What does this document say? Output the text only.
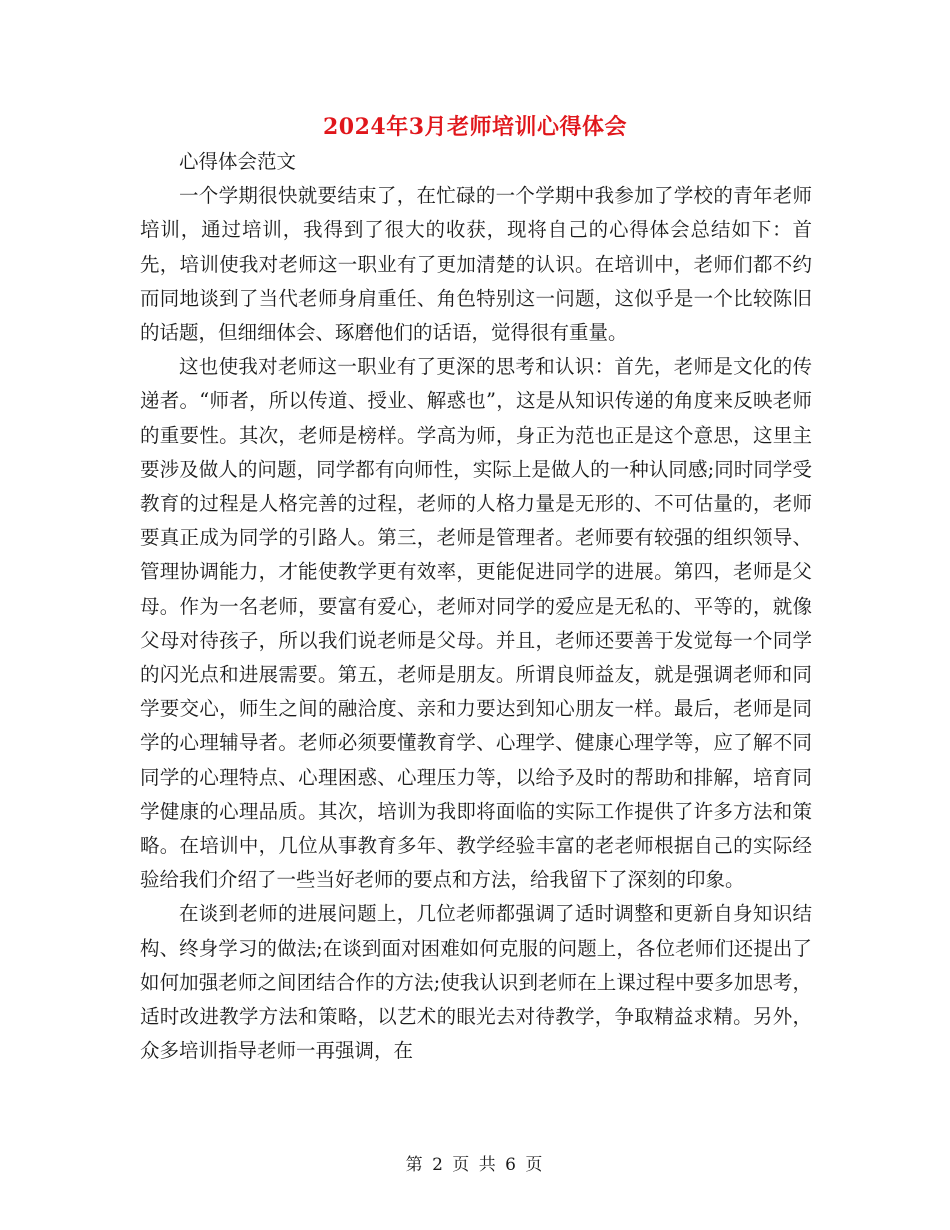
2024年3月老师培训心得体会

心得体会范文

一个学期很快就要结束了，在忙碌的一个学期中我参加了学校的青年老师培训，通过培训，我得到了很大的收获，现将自己的心得体会总结如下：首先，培训使我对老师这一职业有了更加清楚的认识。在培训中，老师们都不约而同地谈到了当代老师身肩重任、角色特别这一问题，这似乎是一个比较陈旧的话题，但细细体会、琢磨他们的话语，觉得很有重量。

这也使我对老师这一职业有了更深的思考和认识：首先，老师是文化的传递者。“师者，所以传道、授业、解惑也”，这是从知识传递的角度来反映老师的重要性。其次，老师是榜样。学高为师，身正为范也正是这个意思，这里主要涉及做人的问题，同学都有向师性，实际上是做人的一种认同感;同时同学受教育的过程是人格完善的过程，老师的人格力量是无形的、不可估量的，老师要真正成为同学的引路人。第三，老师是管理者。老师要有较强的组织领导、管理协调能力，才能使教学更有效率，更能促进同学的进展。第四，老师是父母。作为一名老师，要富有爱心，老师对同学的爱应是无私的、平等的，就像父母对待孩子，所以我们说老师是父母。并且，老师还要善于发觉每一个同学的闪光点和进展需要。第五，老师是朋友。所谓良师益友，就是强调老师和同学要交心，师生之间的融洽度、亲和力要达到知心朋友一样。最后，老师是同学的心理辅导者。老师必须要懂教育学、心理学、健康心理学等，应了解不同同学的心理特点、心理困惑、心理压力等，以给予及时的帮助和排解，培育同学健康的心理品质。其次，培训为我即将面临的实际工作提供了许多方法和策略。在培训中，几位从事教育多年、教学经验丰富的老老师根据自己的实际经验给我们介绍了一些当好老师的要点和方法，给我留下了深刻的印象。

在谈到老师的进展问题上，几位老师都强调了适时调整和更新自身知识结构、终身学习的做法;在谈到面对困难如何克服的问题上，各位老师们还提出了如何加强老师之间团结合作的方法;使我认识到老师在上课过程中要多加思考，适时改进教学方法和策略，以艺术的眼光去对待教学，争取精益求精。另外，众多培训指导老师一再强调，在

第 2 页 共 6 页
